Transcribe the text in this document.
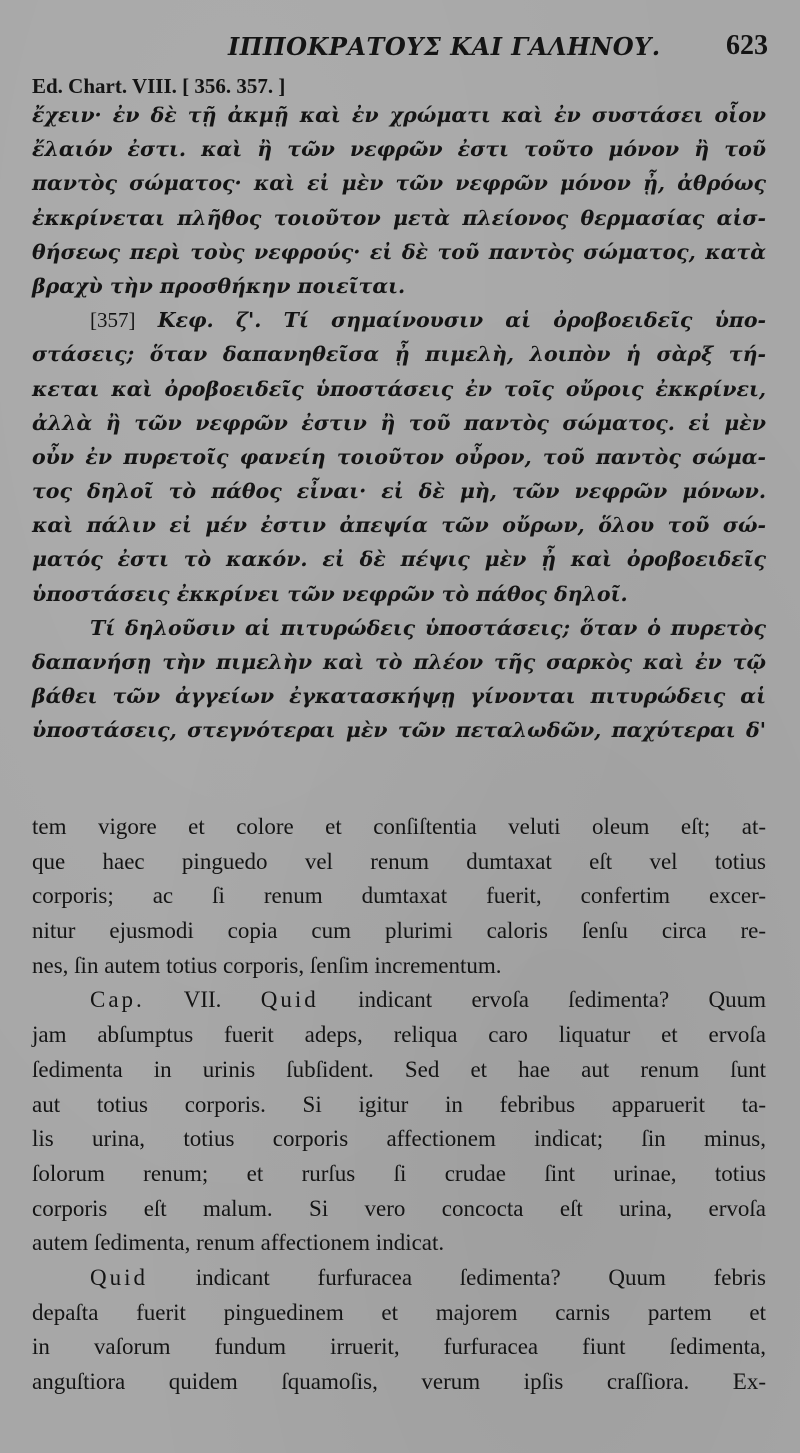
ΙΠΠΟΚΡΑΤΟΥΣ ΚΑΙ ΓΑΛΗΝΟΥ. 623
Ed. Chart. VIII. [ 356. 357. ]
ἔχειν· ἐν δὲ τῇ ἀκμῇ καὶ ἐν χρώματι καὶ ἐν συστάσει οἷον
ἔλαιόν ἐστι. καὶ ἢ τῶν νεφρῶν ἐστι τοῦτο μόνον ἢ τοῦ
παντὸς σώματος· καὶ εἰ μὲν τῶν νεφρῶν μόνον ᾖ, ἀθρόως
ἐκκρίνεται πλῆθος τοιοῦτον μετὰ πλείονος θερμασίας αἰσ-
θήσεως περὶ τοὺς νεφρούς· εἰ δὲ τοῦ παντὸς σώματος, κατὰ
βραχὺ τὴν προσθήκην ποιεῖται.
[357] Κεφ. ζ'. Τί σημαίνουσιν αἱ ὀροβοειδεῖς ὑπο-
στάσεις; ὅταν δαπανηθεῖσα ᾖ πιμελὴ, λοιπὸν ἡ σὰρξ τή-
κεται καὶ ὀροβοειδεῖς ὑποστάσεις ἐν τοῖς οὔροις ἐκκρίνει,
ἀλλὰ ἢ τῶν νεφρῶν ἐστιν ἢ τοῦ παντὸς σώματος. εἰ μὲν
οὖν ἐν πυρετοῖς φανείη τοιοῦτον οὖρον, τοῦ παντὸς σώμα-
τος δηλοῖ τὸ πάθος εἶναι· εἰ δὲ μὴ, τῶν νεφρῶν μόνων.
καὶ πάλιν εἰ μέν ἐστιν ἀπεψία τῶν οὔρων, ὅλου τοῦ σώ-
ματός ἐστι τὸ κακόν. εἰ δὲ πέψις μὲν ᾖ καὶ ὀροβοειδεῖς
ὑποστάσεις ἐκκρίνει τῶν νεφρῶν τὸ πάθος δηλοῖ.
Τί δηλοῦσιν αἱ πιτυρώδεις ὑποστάσεις; ὅταν ὁ πυρετὸς
δαπανήσῃ τὴν πιμελὴν καὶ τὸ πλέον τῆς σαρκὸς καὶ ἐν τῷ
βάθει τῶν ἀγγείων ἐγκατασκήψῃ γίνονται πιτυρώδεις αἱ
ὑποστάσεις, στεγνότεραι μὲν τῶν πεταλωδῶν, παχύτεραι δ'
tem vigore et colore et conſiſtentia veluti oleum eſt; at-
que haec pinguedo vel renum dumtaxat eſt vel totius
corporis; ac ſi renum dumtaxat fuerit, confertim excer-
nitur ejusmodi copia cum plurimi caloris ſenſu circa re-
nes, ſin autem totius corporis, ſenſim incrementum.
Cap. VII. Quid indicant ervoſa ſedimenta? Quum
jam abſumptus fuerit adeps, reliqua caro liquatur et ervoſa
ſedimenta in urinis ſubſident. Sed et hae aut renum ſunt
aut totius corporis. Si igitur in febribus apparuerit ta-
lis urina, totius corporis affectionem indicat; ſin minus,
ſolorum renum; et rurſus ſi crudae ſint urinae, totius
corporis eſt malum. Si vero concocta eſt urina, ervoſa
autem ſedimenta, renum affectionem indicat.
Quid indicant furfuracea ſedimenta? Quum febris
depaſta fuerit pinguedinem et majorem carnis partem et
in vaſorum fundum irruerit, furfuracea fiunt ſedimenta,
anguſtiora quidem ſquamoſis, verum ipſis craſſiora. Ex-
